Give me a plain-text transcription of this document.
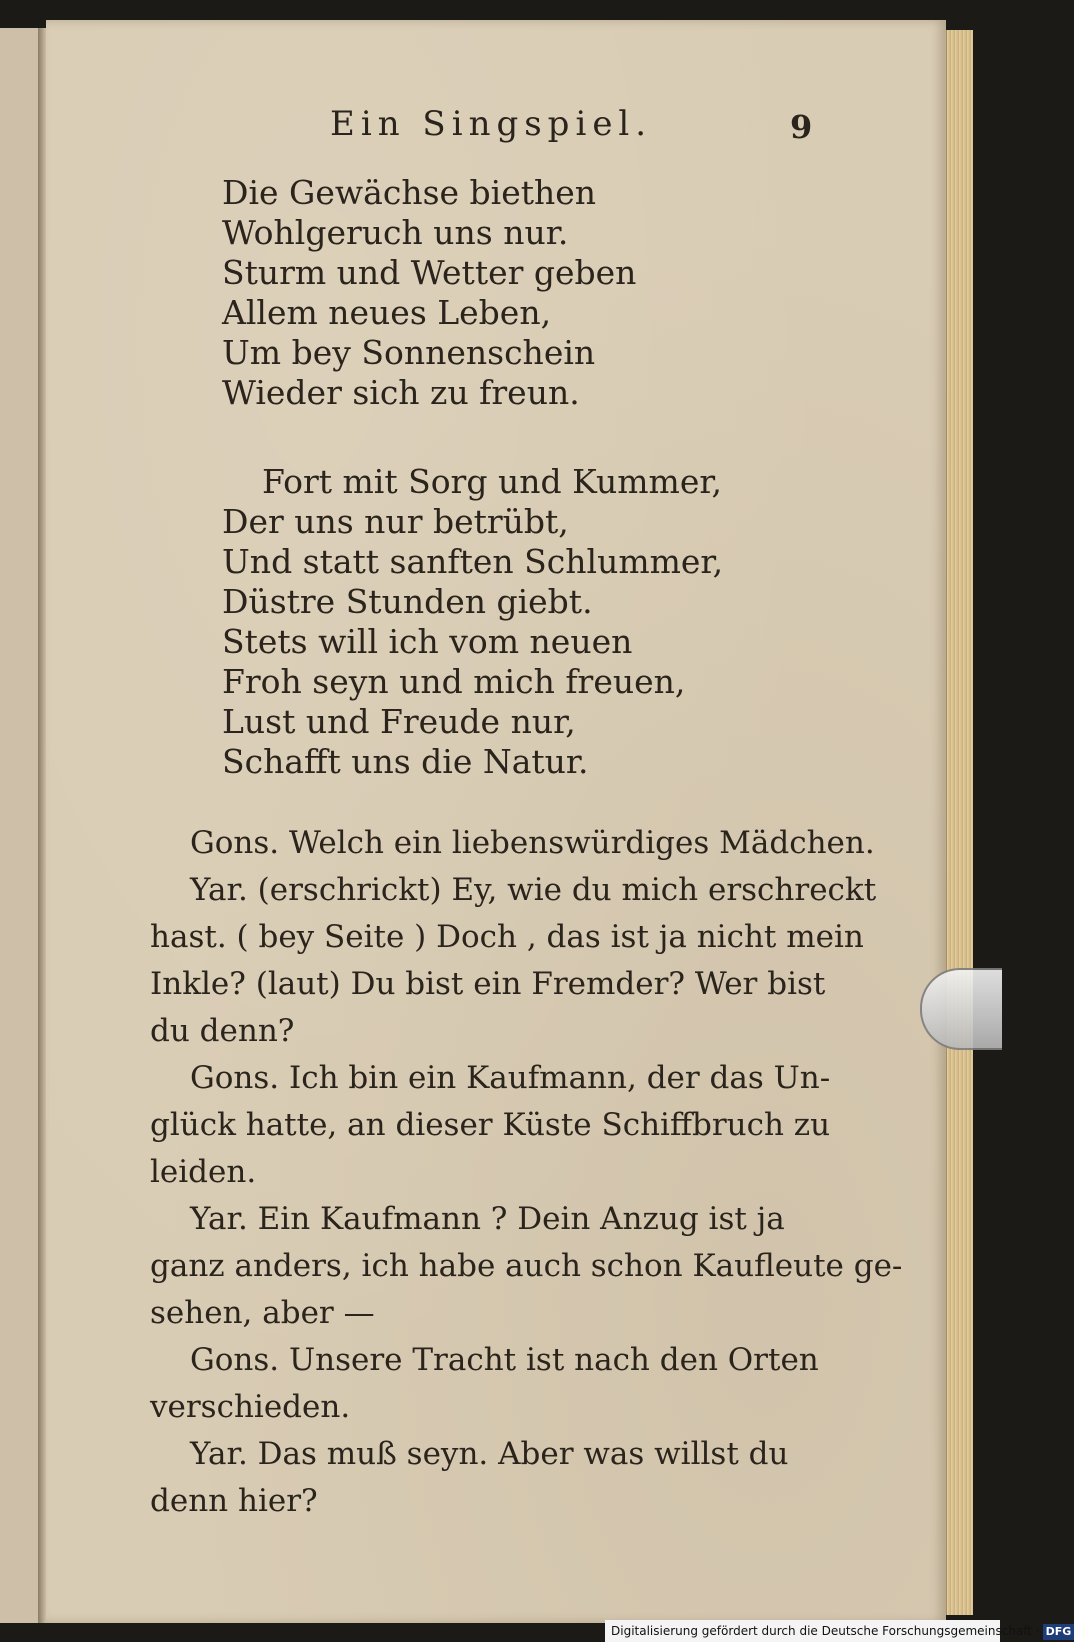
Ein Singspiel.	9
Die Gewächse biethen
Wohlgeruch uns nur.
Sturm und Wetter geben
Allem neues Leben,
Um bey Sonnenschein
Wieder sich zu freun.
Fort mit Sorg und Kummer,
Der uns nur betrübt,
Und statt sanften Schlummer,
Düstre Stunden giebt.
Stets will ich vom neuen
Froh seyn und mich freuen,
Lust und Freude nur,
Schafft uns die Natur.
Gons. Welch ein liebenswürdiges Mädchen.
Yar. (erschrickt) Ey, wie du mich erschreckt
hast. ( bey Seite ) Doch , das ist ja nicht mein
Inkle? (laut) Du bist ein Fremder? Wer bist
du denn?
Gons. Ich bin ein Kaufmann, der das Un-
glück hatte, an dieser Küste Schiffbruch zu
leiden.
Yar. Ein Kaufmann ? Dein Anzug ist ja
ganz anders, ich habe auch schon Kaufleute ge-
sehen, aber —
Gons. Unsere Tracht ist nach den Orten
verschieden.
Yar. Das muß seyn. Aber was willst du
denn hier?
Digitalisierung gefördert durch die Deutsche Forschungsgemeinschaft · DFG
